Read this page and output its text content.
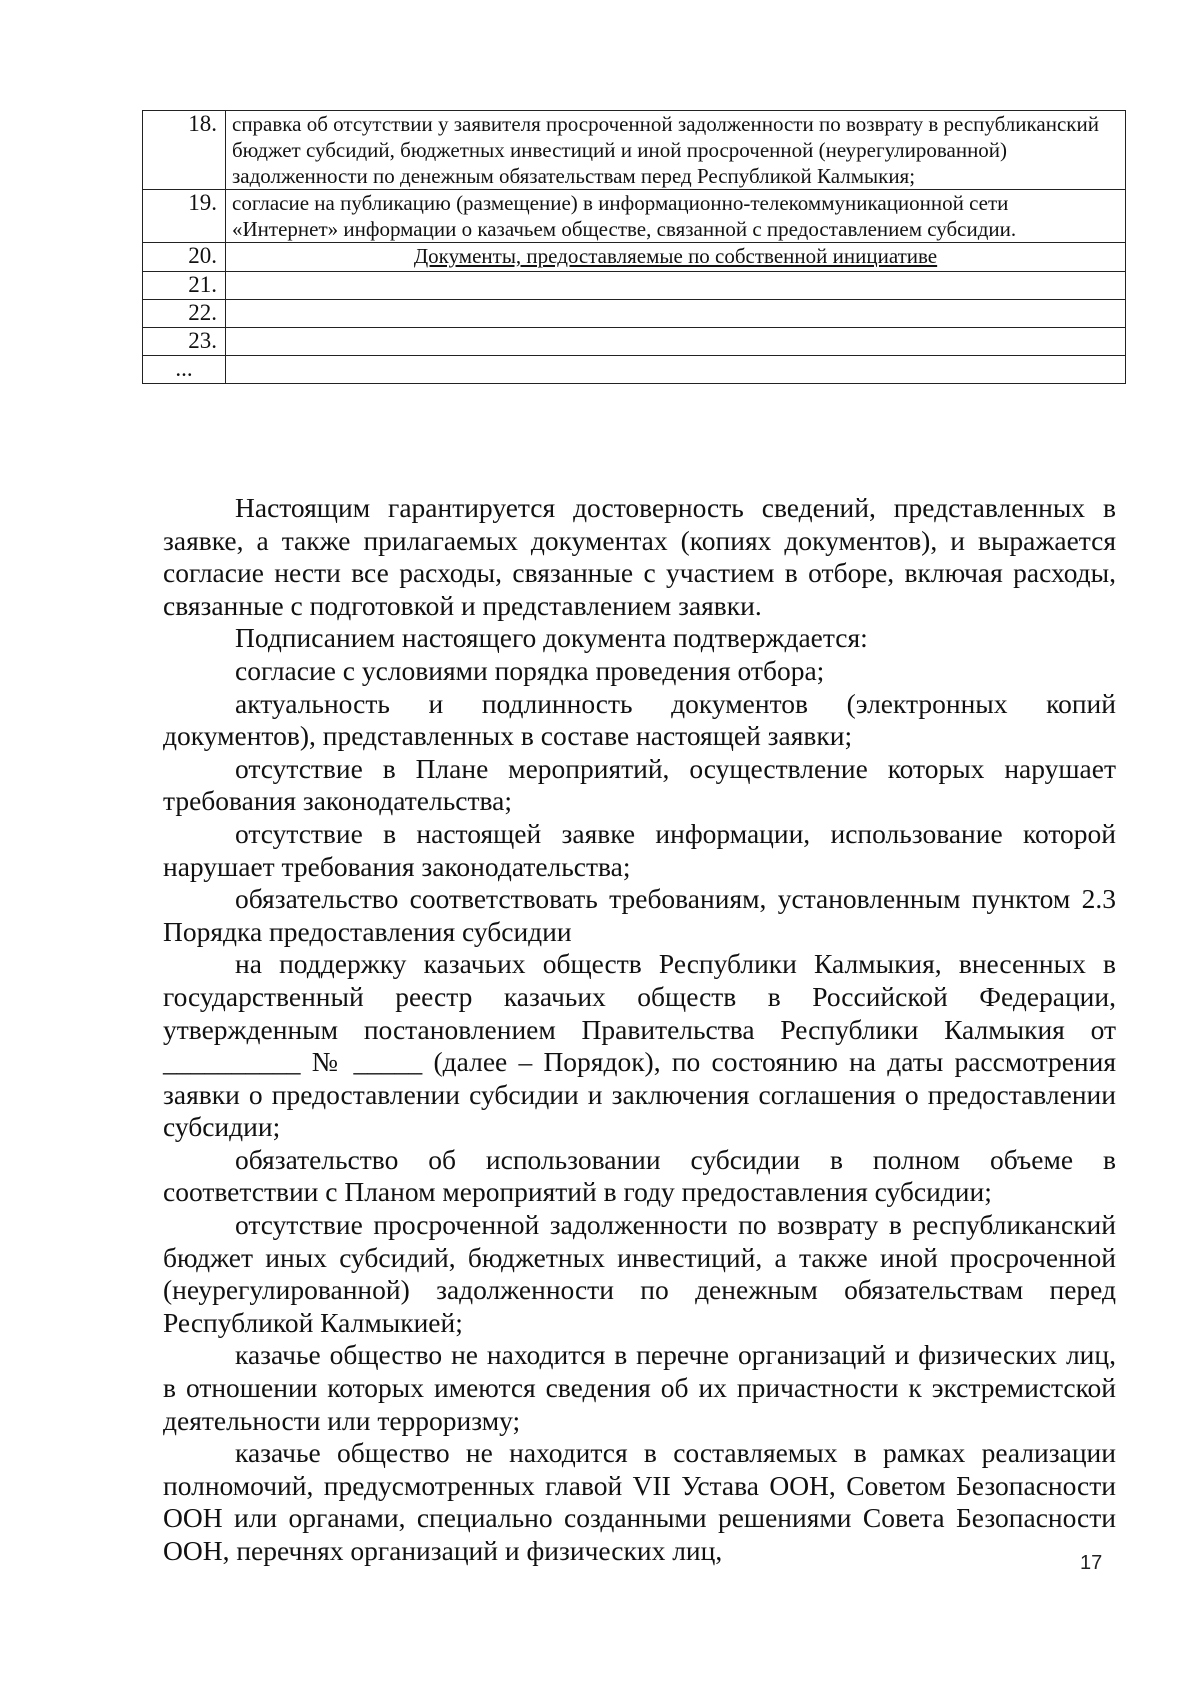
18.	справка об отсутствии у заявителя просроченной задолженности по возврату в республиканский бюджет субсидий, бюджетных инвестиций и иной просроченной (неурегулированной) задолженности по денежным обязательствам перед Республикой Калмыкия;
19.	согласие на публикацию (размещение) в информационно-телекоммуникационной сети «Интернет» информации о казачьем обществе, связанной с предоставлением субсидии.
20.	Документы, предоставляемые по собственной инициативе
21.	
22.	
23.	
...	

Настоящим гарантируется достоверность сведений, представленных в заявке, а также прилагаемых документах (копиях документов), и выражается согласие нести все расходы, связанные с участием в отборе, включая расходы, связанные с подготовкой и представлением заявки.

Подписанием настоящего документа подтверждается:

согласие с условиями порядка проведения отбора;

актуальность и подлинность документов (электронных копий документов), представленных в составе настоящей заявки;

отсутствие в Плане мероприятий, осуществление которых нарушает требования законодательства;

отсутствие в настоящей заявке информации, использование которой нарушает требования законодательства;

обязательство соответствовать требованиям, установленным пунктом 2.3 Порядка предоставления субсидии

на поддержку казачьих обществ Республики Калмыкия, внесенных в государственный реестр казачьих обществ в Российской Федерации, утвержденным постановлением Правительства Республики Калмыкия от __________ № _____ (далее – Порядок), по состоянию на даты рассмотрения заявки о предоставлении субсидии и заключения соглашения о предоставлении субсидии;

обязательство об использовании субсидии в полном объеме в соответствии с Планом мероприятий в году предоставления субсидии;

отсутствие просроченной задолженности по возврату в республиканский бюджет иных субсидий, бюджетных инвестиций, а также иной просроченной (неурегулированной) задолженности по денежным обязательствам перед Республикой Калмыкией;

казачье общество не находится в перечне организаций и физических лиц, в отношении которых имеются сведения об их причастности к экстремистской деятельности или терроризму;

казачье общество не находится в составляемых в рамках реализации полномочий, предусмотренных главой VII Устава ООН, Советом Безопасности ООН или органами, специально созданными решениями Совета Безопасности ООН, перечнях организаций и физических лиц,	17
